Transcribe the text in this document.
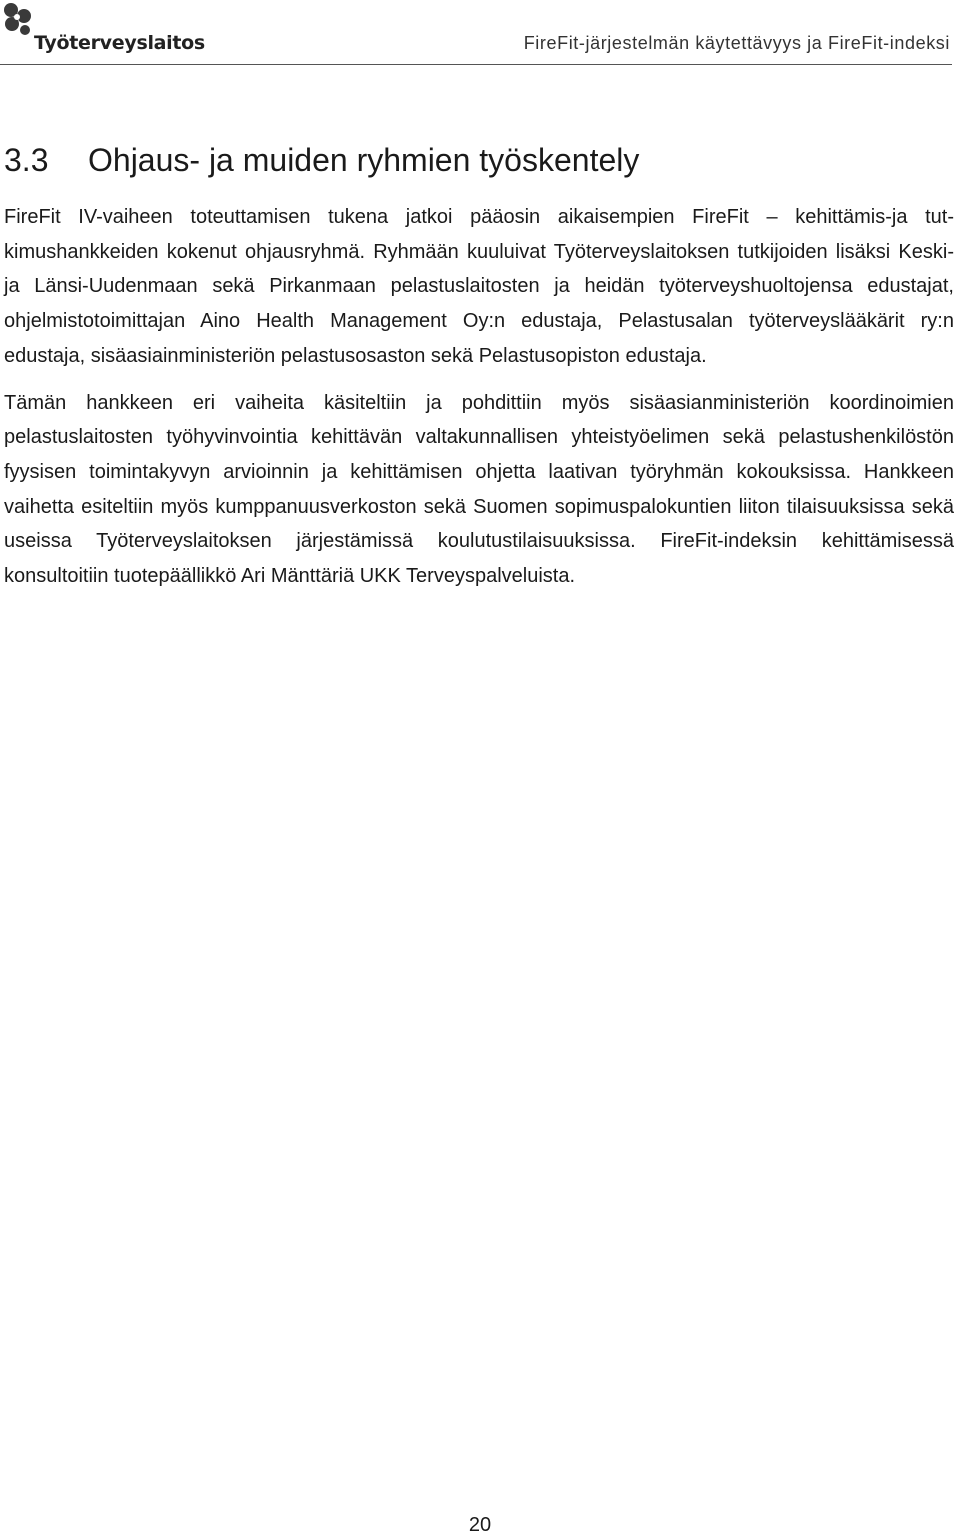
Työterveyslaitos	FireFit-järjestelmän käytettävyys ja FireFit-indeksi
3.3 Ohjaus- ja muiden ryhmien työskentely

FireFit IV-vaiheen toteuttamisen tukena jatkoi pääosin aikaisempien FireFit – kehittämis-ja tutkimushankkeiden kokenut ohjausryhmä. Ryhmään kuuluivat Työterveyslaitoksen tutkijoiden lisäksi Keski- ja Länsi-Uudenmaan sekä Pirkanmaan pelastuslaitosten ja heidän työterveyshuoltojensa edustajat, ohjelmistotoimittajan Aino Health Management Oy:n edustaja, Pelastusalan työterveyslääkärit ry:n edustaja, sisäasiainministeriön pelastusosaston sekä Pelastusopiston edustaja.

Tämän hankkeen eri vaiheita käsiteltiin ja pohdittiin myös sisäasianministeriön koordinoimien pelastuslaitosten työhyvinvointia kehittävän valtakunnallisen yhteistyöelimen sekä pelastushenkilöstön fyysisen toimintakyvyn arvioinnin ja kehittämisen ohjetta laativan työryhmän kokouksissa. Hankkeen vaihetta esiteltiin myös kumppanuusverkoston sekä Suomen sopimuspalokuntien liiton tilaisuuksissa sekä useissa Työterveyslaitoksen järjestämissä koulutustilaisuuksissa. FireFit-indeksin kehittämisessä konsultoitiin tuotepäällikkö Ari Mänttäriä UKK Terveyspalveluista.

20
